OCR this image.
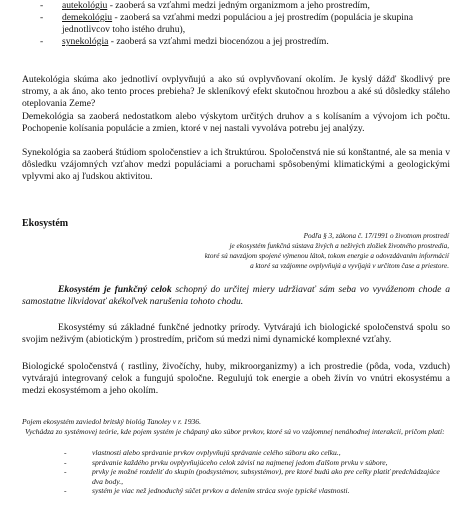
- autekológiu - zaoberá sa vzťahmi medzi jedným organizmom a jeho prostredím,
- demekológiu - zaoberá sa vzťahmi medzi populáciou a jej prostredím (populácia je skupina jednotlivcov toho istého druhu),
- synekológia - zaoberá sa vzťahmi medzi biocenózou a jej prostredím.
Autekológia skúma ako jednotliví ovplyvňujú a ako sú ovplyvňovaní okolím. Je kyslý dážď škodlivý pre stromy, a ak áno, ako tento proces prebieha? Je skleníkový efekt skutočnou hrozbou a aké sú dôsledky stáleho oteplovania Zeme?
Demekológia sa zaoberá nedostatkom alebo výskytom určitých druhov a s kolísaním a vývojom ich počtu. Pochopenie kolísania populácie a zmien, ktoré v nej nastali vyvoláva potrebu jej analýzy.
Synekológia sa zaoberá štúdiom spoločenstiev a ich štruktúrou. Spoločenstvá nie sú konštantné, ale sa menia v dôsledku vzájomných vzťahov medzi populáciami a poruchami spôsobenými klimatickými a geologickými vplyvmi ako aj ľudskou aktivitou.
Ekosystém
Podľa § 3, zákona č. 17/1991 o životnom prostredí
je ekosystém funkčná sústava živých a neživých zložiek životného prostredia,
ktoré sú navzájom spojené výmenou látok, tokom energie a odovzdávaním informácií
a ktoré sa vzájomne ovplyvňujú a vyvíjajú v určitom čase a priestore.
Ekosystém je funkčný celok schopný do určitej miery udržiavať sám seba vo vyváženom chode a samostatne likvidovať akékoľvek narušenia tohoto chodu.
Ekosystémy sú základné funkčné jednotky prírody. Vytvárajú ich biologické spoločenstvá spolu so svojim neživým (abiotickým ) prostredím, pričom sú medzi nimi dynamické komplexné vzťahy.
Biologické spoločenstvá ( rastliny, živočíchy, huby, mikroorganizmy) a ich prostredie (pôda, voda, vzduch) vytvárajú integrovaný celok a fungujú spoločne. Regulujú tok energie a obeh živín vo vnútri ekosystému a medzi ekosystémom a jeho okolím.
Pojem ekosystém zaviedol britský biológ Tanoley v r. 1936.
Vychádza zo systémovej teórie, kde pojem systém je chápaný ako súbor prvkov, ktoré sú vo vzájomnej nenáhodnej interakcii, pričom platí:
-	vlastnosti alebo správanie prvkov ovplyvňujú správanie celého súboru ako celku.,
-	správanie každého prvku ovplyvňujúceho celok závisí na najmenej jedom ďalšom prvku v súbore,
-	prvky je možné rozdeliť do skupín (podsystémov, subsystémov), pre ktoré budú ako pre celky platiť predchádzajúce dva body.,
-	systém je viac než jednoduchý súčet prvkov a delením stráca svoje typické vlastnosti.
